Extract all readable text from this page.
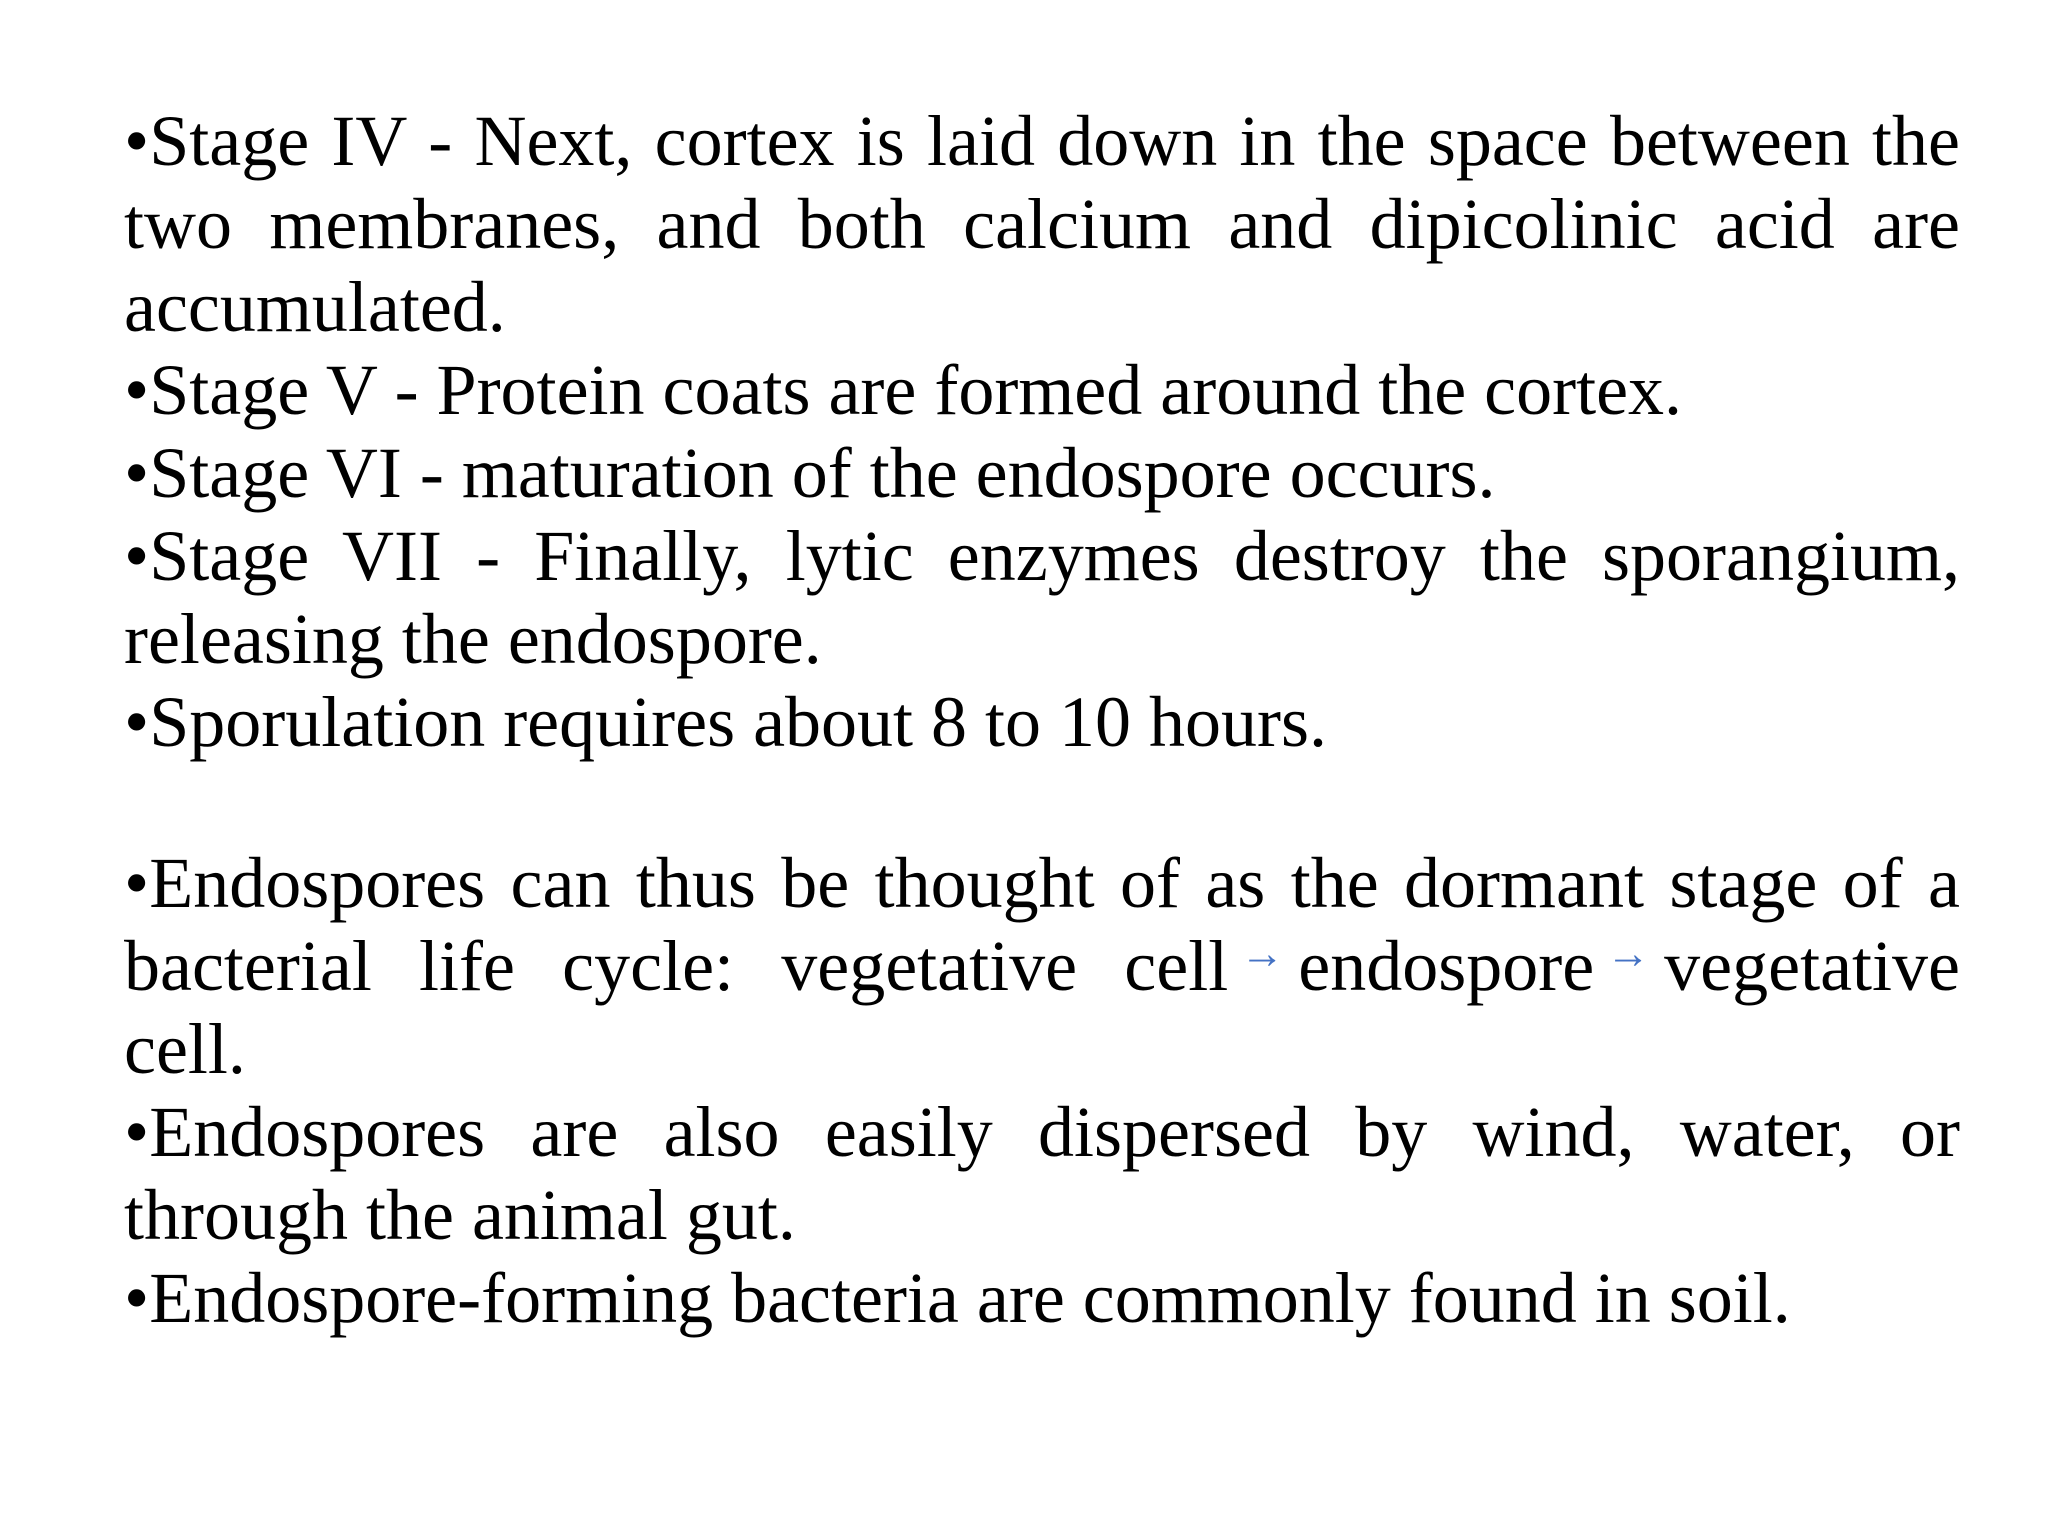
•Stage IV - Next, cortex is laid down in the space between the two membranes, and both calcium and dipicolinic acid are accumulated.

•Stage V - Protein coats are formed around the cortex.

•Stage VI - maturation of the endospore occurs.

•Stage VII - Finally, lytic enzymes destroy the sporangium, releasing the endospore.

•Sporulation requires about 8 to 10 hours.

•Endospores can thus be thought of as the dormant stage of a bacterial life cycle: vegetative cell → endospore → vegetative cell.

•Endospores are also easily dispersed by wind, water, or through the animal gut.

•Endospore-forming bacteria are commonly found in soil.
